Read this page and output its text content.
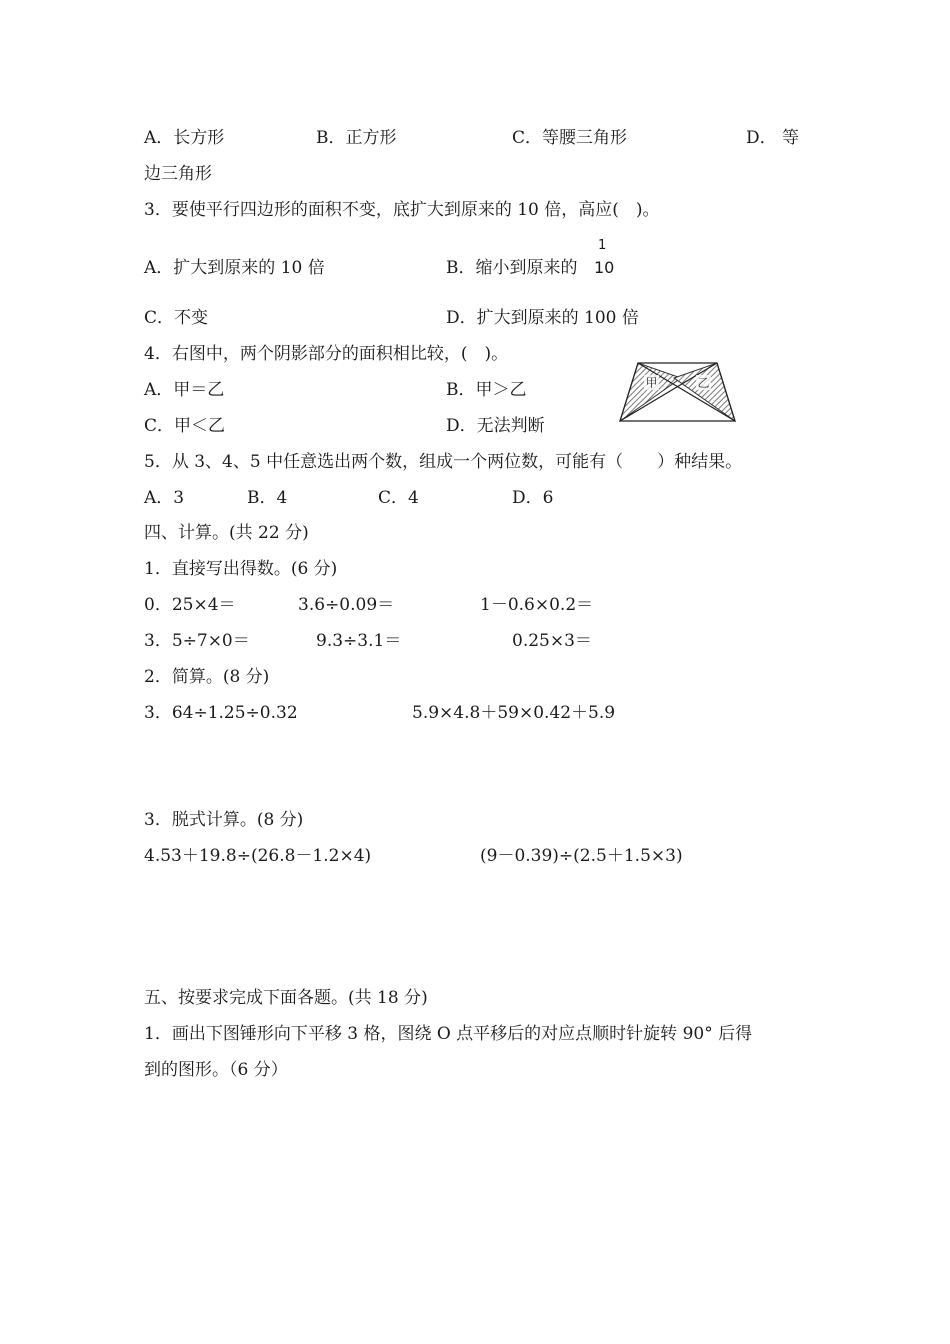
A．长方形	B．正方形	C．等腰三角形	D． 等
边三角形
3．要使平行四边形的面积不变，底扩大到原来的 10 倍，高应(　)。
A．扩大到原来的 10 倍	B．缩小到原来的
1
10
C．不变	D．扩大到原来的 100 倍
4．右图中，两个阴影部分的面积相比较，(　)。
A．甲＝乙	B．甲＞乙
C．甲＜乙	D．无法判断
甲	乙
5．从 3、4、5 中任意选出两个数，组成一个两位数，可能有（　　）种结果。
A．3	B．4	C．4	D．6
四、计算。(共 22 分)
1．直接写出得数。(6 分)
0．25×4＝	3.6÷0.09＝	1－0.6×0.2＝
3．5÷7×0＝	9.3÷3.1＝	0.25×3＝
2．简算。(8 分)
3．64÷1.25÷0.32	5.9×4.8＋59×0.42＋5.9
3．脱式计算。(8 分)
4.53＋19.8÷(26.8－1.2×4)	(9－0.39)÷(2.5＋1.5×3)
五、按要求完成下面各题。(共 18 分)
1．画出下图锤形向下平移 3 格，图绕 O 点平移后的对应点顺时针旋转 90° 后得
到的图形。（6 分）
